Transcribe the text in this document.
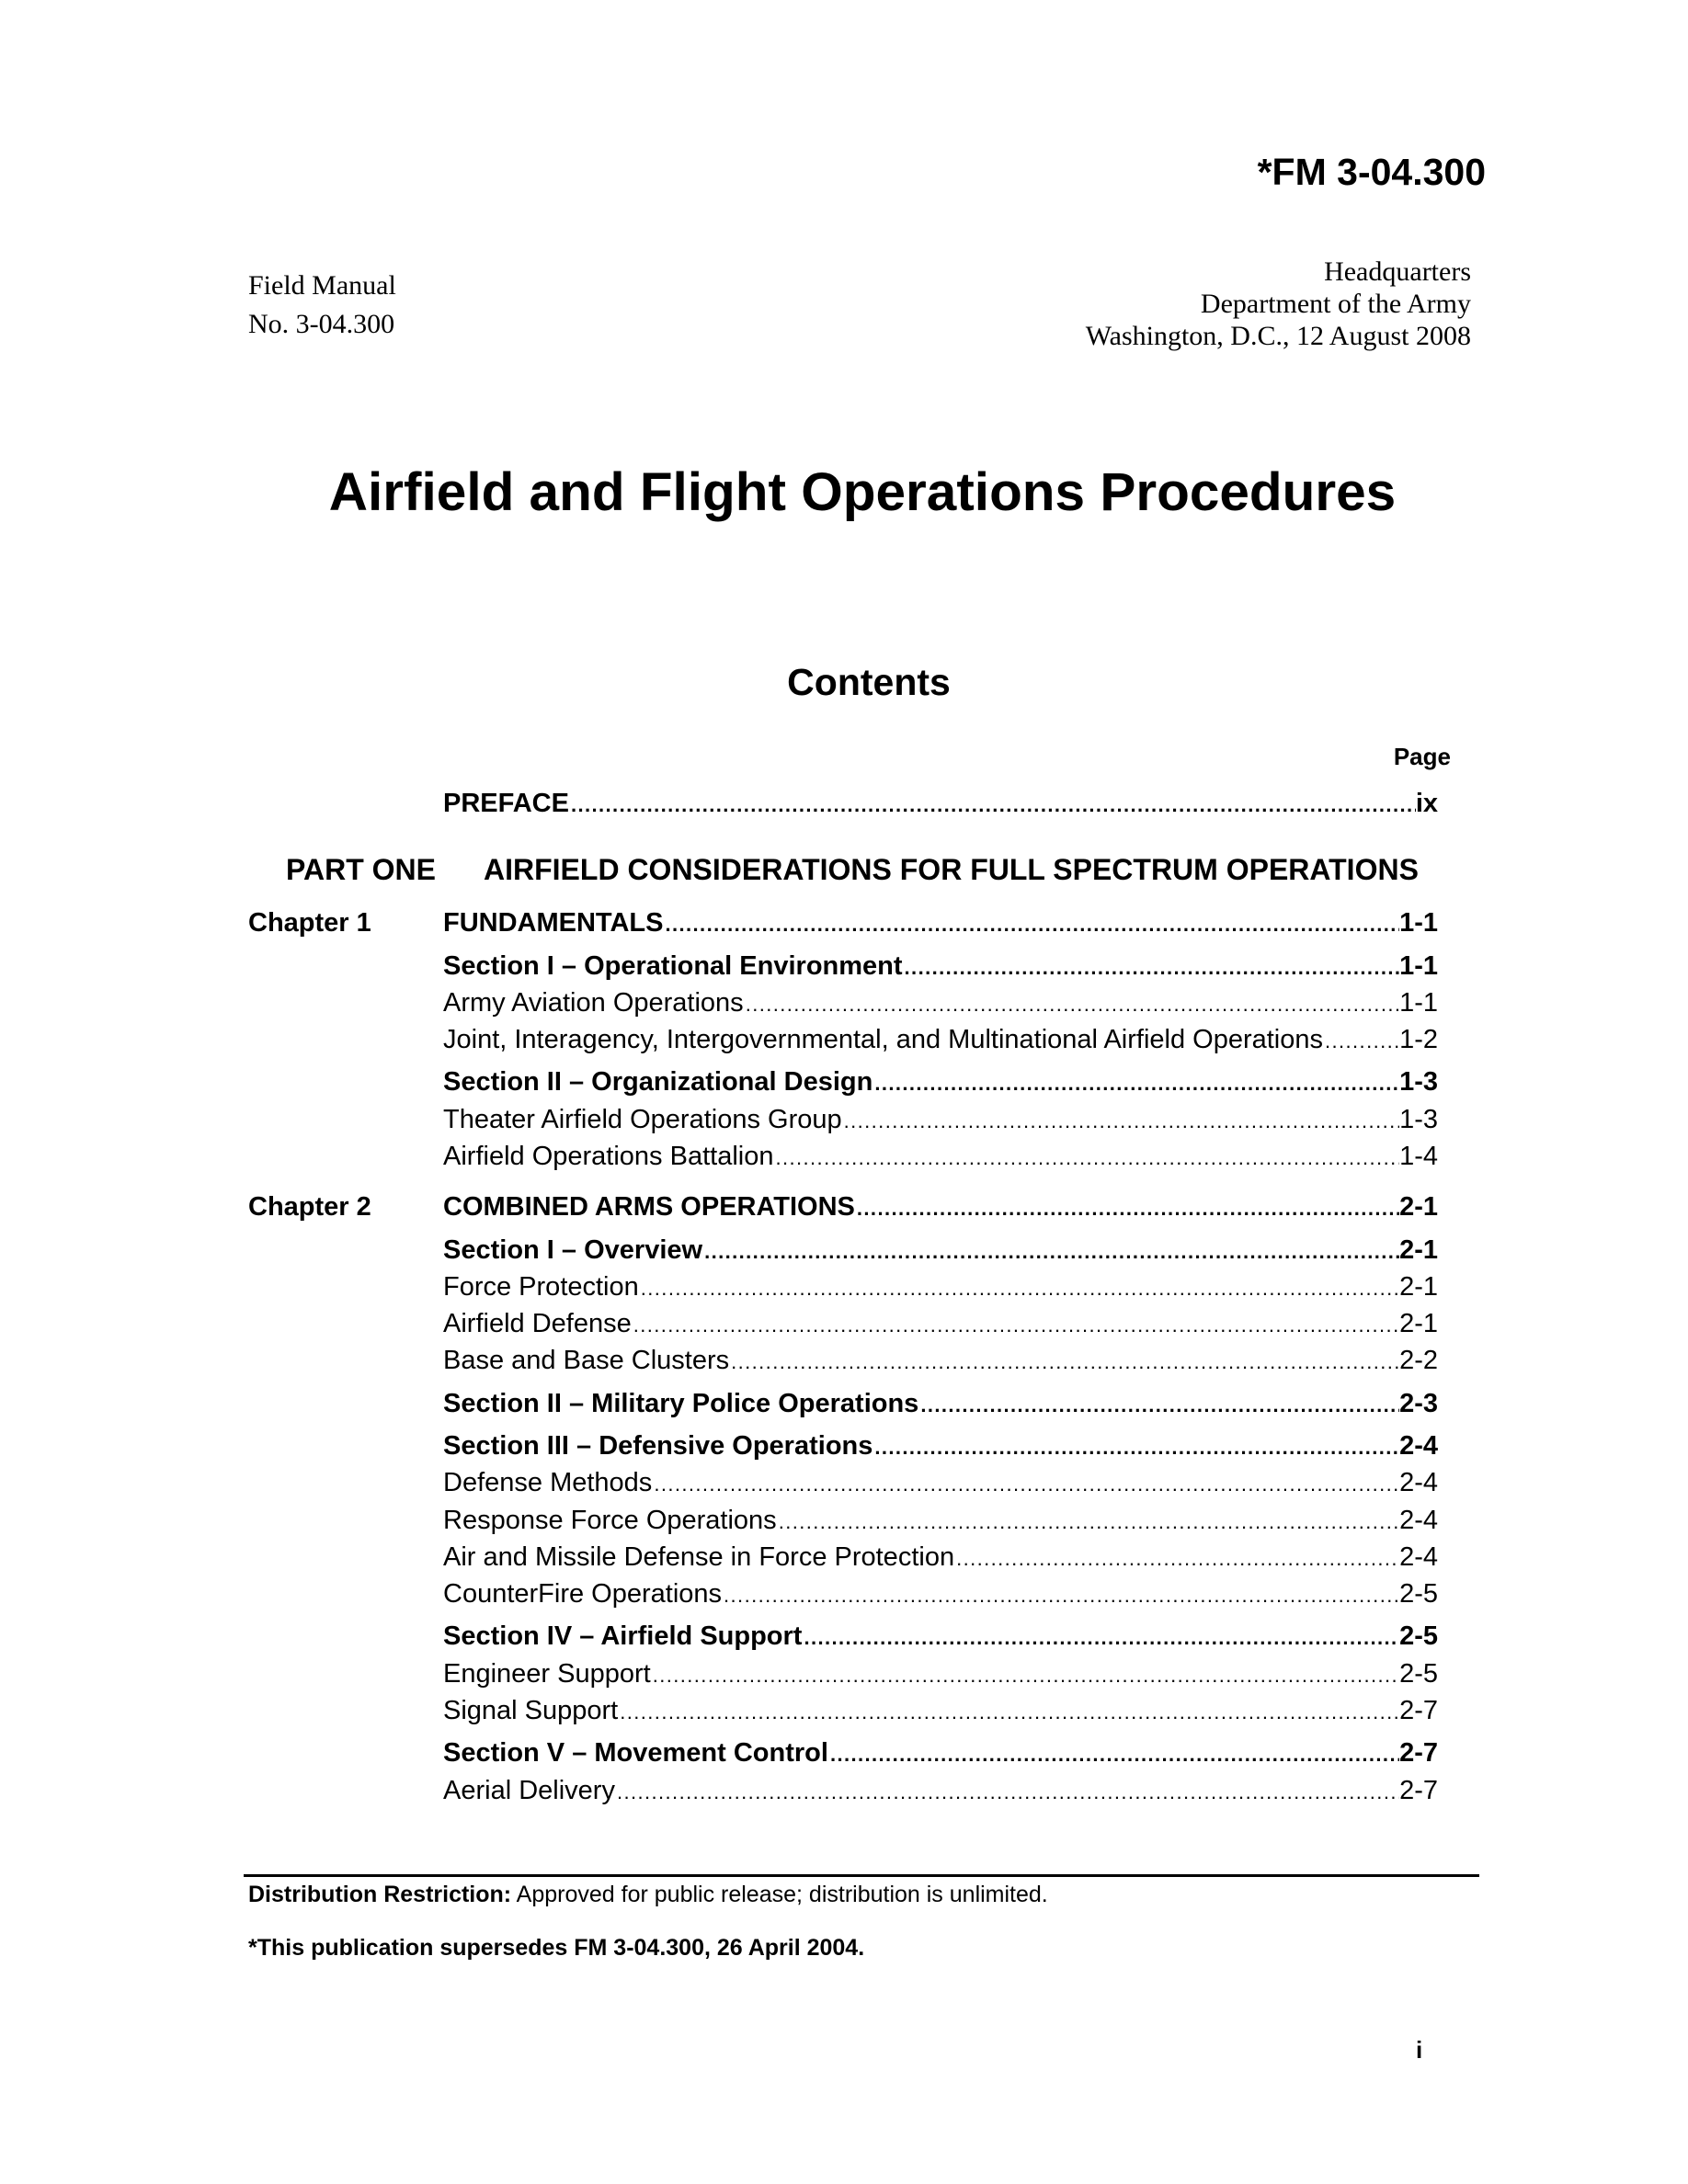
*FM 3-04.300
Field Manual
No. 3-04.300
Headquarters
Department of the Army
Washington, D.C., 12 August 2008
Airfield and Flight Operations Procedures
Contents
Page
PART ONE AIRFIELD CONSIDERATIONS FOR FULL SPECTRUM OPERATIONS
PREFACE .....	ix
Chapter 1	FUNDAMENTALS .....	1-1
Section I – Operational Environment .....	1-1
Army Aviation Operations .....	1-1
Joint, Interagency, Intergovernmental, and Multinational Airfield Operations .....	1-2
Section II – Organizational Design .....	1-3
Theater Airfield Operations Group .....	1-3
Airfield Operations Battalion .....	1-4
Chapter 2	COMBINED ARMS OPERATIONS .....	2-1
Section I – Overview .....	2-1
Force Protection .....	2-1
Airfield Defense .....	2-1
Base and Base Clusters .....	2-2
Section II – Military Police Operations .....	2-3
Section III – Defensive Operations .....	2-4
Defense Methods .....	2-4
Response Force Operations .....	2-4
Air and Missile Defense in Force Protection .....	2-4
CounterFire Operations .....	2-5
Section IV – Airfield Support .....	2-5
Engineer Support .....	2-5
Signal Support .....	2-7
Section V – Movement Control .....	2-7
Aerial Delivery .....	2-7
Distribution Restriction: Approved for public release; distribution is unlimited.
*This publication supersedes FM 3-04.300, 26 April 2004.
i
